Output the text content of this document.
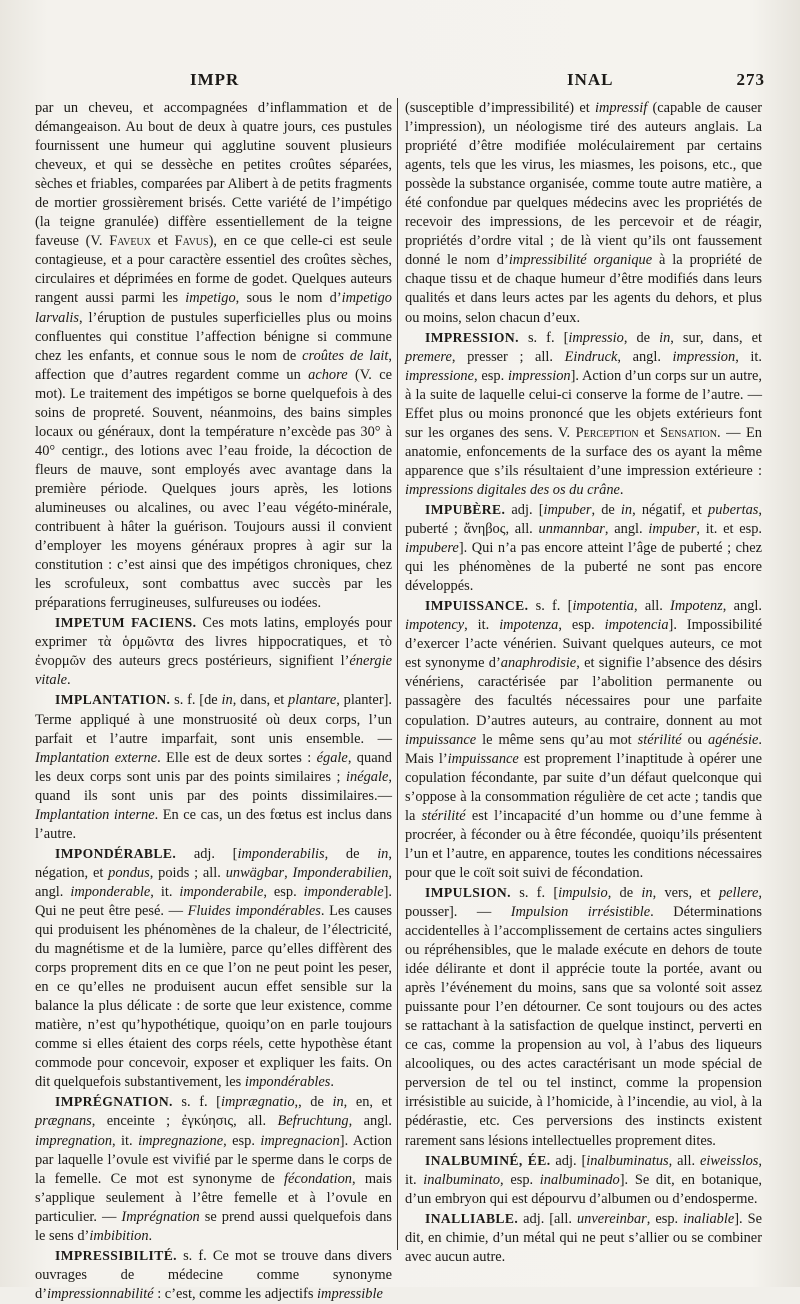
IMPR	INAL	273

par un cheveu, et accompagnées d’inflammation et de démangeaison. Au bout de deux à quatre jours, ces pustules fournissent une humeur qui agglutine souvent plusieurs cheveux, et qui se dessèche en petites croûtes séparées, sèches et friables, comparées par Alibert à de petits fragments de mortier grossièrement brisés. Cette variété de l’impétigo (la teigne granulée) diffère essentiellement de la teigne faveuse (V. Faveux et Favus), en ce que celle-ci est seule contagieuse, et a pour caractère essentiel des croûtes sèches, circulaires et déprimées en forme de godet. Quelques auteurs rangent aussi parmi les impetigo, sous le nom d’impetigo larvalis, l’éruption de pustules superficielles plus ou moins confluentes qui constitue l’affection bénigne si commune chez les enfants, et connue sous le nom de croûtes de lait, affection que d’autres regardent comme un achore (V. ce mot). Le traitement des impétigos se borne quelquefois à des soins de propreté. Souvent, néanmoins, des bains simples locaux ou généraux, dont la température n’excède pas 30° à 40° centigr., des lotions avec l’eau froide, la décoction de fleurs de mauve, sont employés avec avantage dans la première période. Quelques jours après, les lotions alumineuses ou alcalines, ou avec l’eau végéto-minérale, contribuent à hâter la guérison. Toujours aussi il convient d’employer les moyens généraux propres à agir sur la constitution : c’est ainsi que des impétigos chroniques, chez les scrofuleux, sont combattus avec succès par les préparations ferrugineuses, sulfureuses ou iodées.

IMPETUM FACIENS. Ces mots latins, employés pour exprimer τὰ ὁρμῶντα des livres hippocratiques, et τὸ ἐνορμῶν des auteurs grecs postérieurs, signifient l’énergie vitale.

IMPLANTATION. s. f. [de in, dans, et plantare, planter]. Terme appliqué à une monstruosité où deux corps, l’un parfait et l’autre imparfait, sont unis ensemble. — Implantation externe. Elle est de deux sortes : égale, quand les deux corps sont unis par des points similaires ; inégale, quand ils sont unis par des points dissimilaires.—Implantation interne. En ce cas, un des fœtus est inclus dans l’autre.

IMPONDÉRABLE. adj. [imponderabilis, de in, négation, et pondus, poids ; all. unwägbar, Imponderabilien, angl. imponderable, it. imponderabile, esp. imponderable]. Qui ne peut être pesé. — Fluides impondérables. Les causes qui produisent les phénomènes de la chaleur, de l’électricité, du magnétisme et de la lumière, parce qu’elles diffèrent des corps proprement dits en ce que l’on ne peut point les peser, en ce qu’elles ne produisent aucun effet sensible sur la balance la plus délicate : de sorte que leur existence, comme matière, n’est qu’hypothétique, quoiqu’on en parle toujours comme si elles étaient des corps réels, cette hypothèse étant commode pour concevoir, exposer et expliquer les faits. On dit quelquefois substantivement, les impondérables.

IMPRÉGNATION. s. f. [imprægnatio,, de in, en, et prægnans, enceinte ; ἐγκύησις, all. Befruchtung, angl. impregnation, it. impregnazione, esp. impregnacion]. Action par laquelle l’ovule est vivifié par le sperme dans le corps de la femelle. Ce mot est synonyme de fécondation, mais s’applique seulement à l’être femelle et à l’ovule en particulier. — Imprégnation se prend aussi quelquefois dans le sens d’imbibition.

IMPRESSIBILITÉ. s. f. Ce mot se trouve dans divers ouvrages de médecine comme synonyme d’impressionnabilité : c’est, comme les adjectifs impressible

(susceptible d’impressibilité) et impressif (capable de causer l’impression), un néologisme tiré des auteurs anglais. La propriété d’être modifiée moléculairement par certains agents, tels que les virus, les miasmes, les poisons, etc., que possède la substance organisée, comme toute autre matière, a été confondue par quelques médecins avec les propriétés de recevoir des impressions, de les percevoir et de réagir, propriétés d’ordre vital ; de là vient qu’ils ont faussement donné le nom d’impressibilité organique à la propriété de chaque tissu et de chaque humeur d’être modifiés dans leurs qualités et dans leurs actes par les agents du dehors, et plus ou moins, selon chacun d’eux.

IMPRESSION. s. f. [impressio, de in, sur, dans, et premere, presser ; all. Eindruck, angl. impression, it. impressione, esp. impression]. Action d’un corps sur un autre, à la suite de laquelle celui-ci conserve la forme de l’autre. — Effet plus ou moins prononcé que les objets extérieurs font sur les organes des sens. V. Perception et Sensation. — En anatomie, enfoncements de la surface des os ayant la même apparence que s’ils résultaient d’une impression extérieure : impressions digitales des os du crâne.

IMPUBÈRE. adj. [impuber, de in, négatif, et pubertas, puberté ; ἄνηβος, all. unmannbar, angl. impuber, it. et esp. impubere]. Qui n’a pas encore atteint l’âge de puberté ; chez qui les phénomènes de la puberté ne sont pas encore développés.

IMPUISSANCE. s. f. [impotentia, all. Impotenz, angl. impotency, it. impotenza, esp. impotencia]. Impossibilité d’exercer l’acte vénérien. Suivant quelques auteurs, ce mot est synonyme d’anaphrodisie, et signifie l’absence des désirs vénériens, caractérisée par l’abolition permanente ou passagère des facultés nécessaires pour une parfaite copulation. D’autres auteurs, au contraire, donnent au mot impuissance le même sens qu’au mot stérilité ou agénésie. Mais l’impuissance est proprement l’inaptitude à opérer une copulation fécondante, par suite d’un défaut quelconque qui s’oppose à la consommation régulière de cet acte ; tandis que la stérilité est l’incapacité d’un homme ou d’une femme à procréer, à féconder ou à être fécondée, quoiqu’ils présentent l’un et l’autre, en apparence, toutes les conditions nécessaires pour que le coït soit suivi de fécondation.

IMPULSION. s. f. [impulsio, de in, vers, et pellere, pousser]. — Impulsion irrésistible. Déterminations accidentelles à l’accomplissement de certains actes singuliers ou répréhensibles, que le malade exécute en dehors de toute idée délirante et dont il apprécie toute la portée, avant ou après l’événement du moins, sans que sa volonté soit assez puissante pour l’en détourner. Ce sont toujours ou des actes se rattachant à la satisfaction de quelque instinct, perverti en ce cas, comme la propension au vol, à l’abus des liqueurs alcooliques, ou des actes caractérisant un mode spécial de perversion de tel ou tel instinct, comme la propension irrésistible au suicide, à l’homicide, à l’incendie, au viol, à la pédérastie, etc. Ces perversions des instincts existent rarement sans lésions intellectuelles proprement dites.

INALBUMINÉ, ÉE. adj. [inalbuminatus, all. eiweisslos, it. inalbuminato, esp. inalbuminado]. Se dit, en botanique, d’un embryon qui est dépourvu d’albumen ou d’endosperme.

INALLIABLE. adj. [all. unvereinbar, esp. inaliable]. Se dit, en chimie, d’un métal qui ne peut s’allier ou se combiner avec aucun autre.
